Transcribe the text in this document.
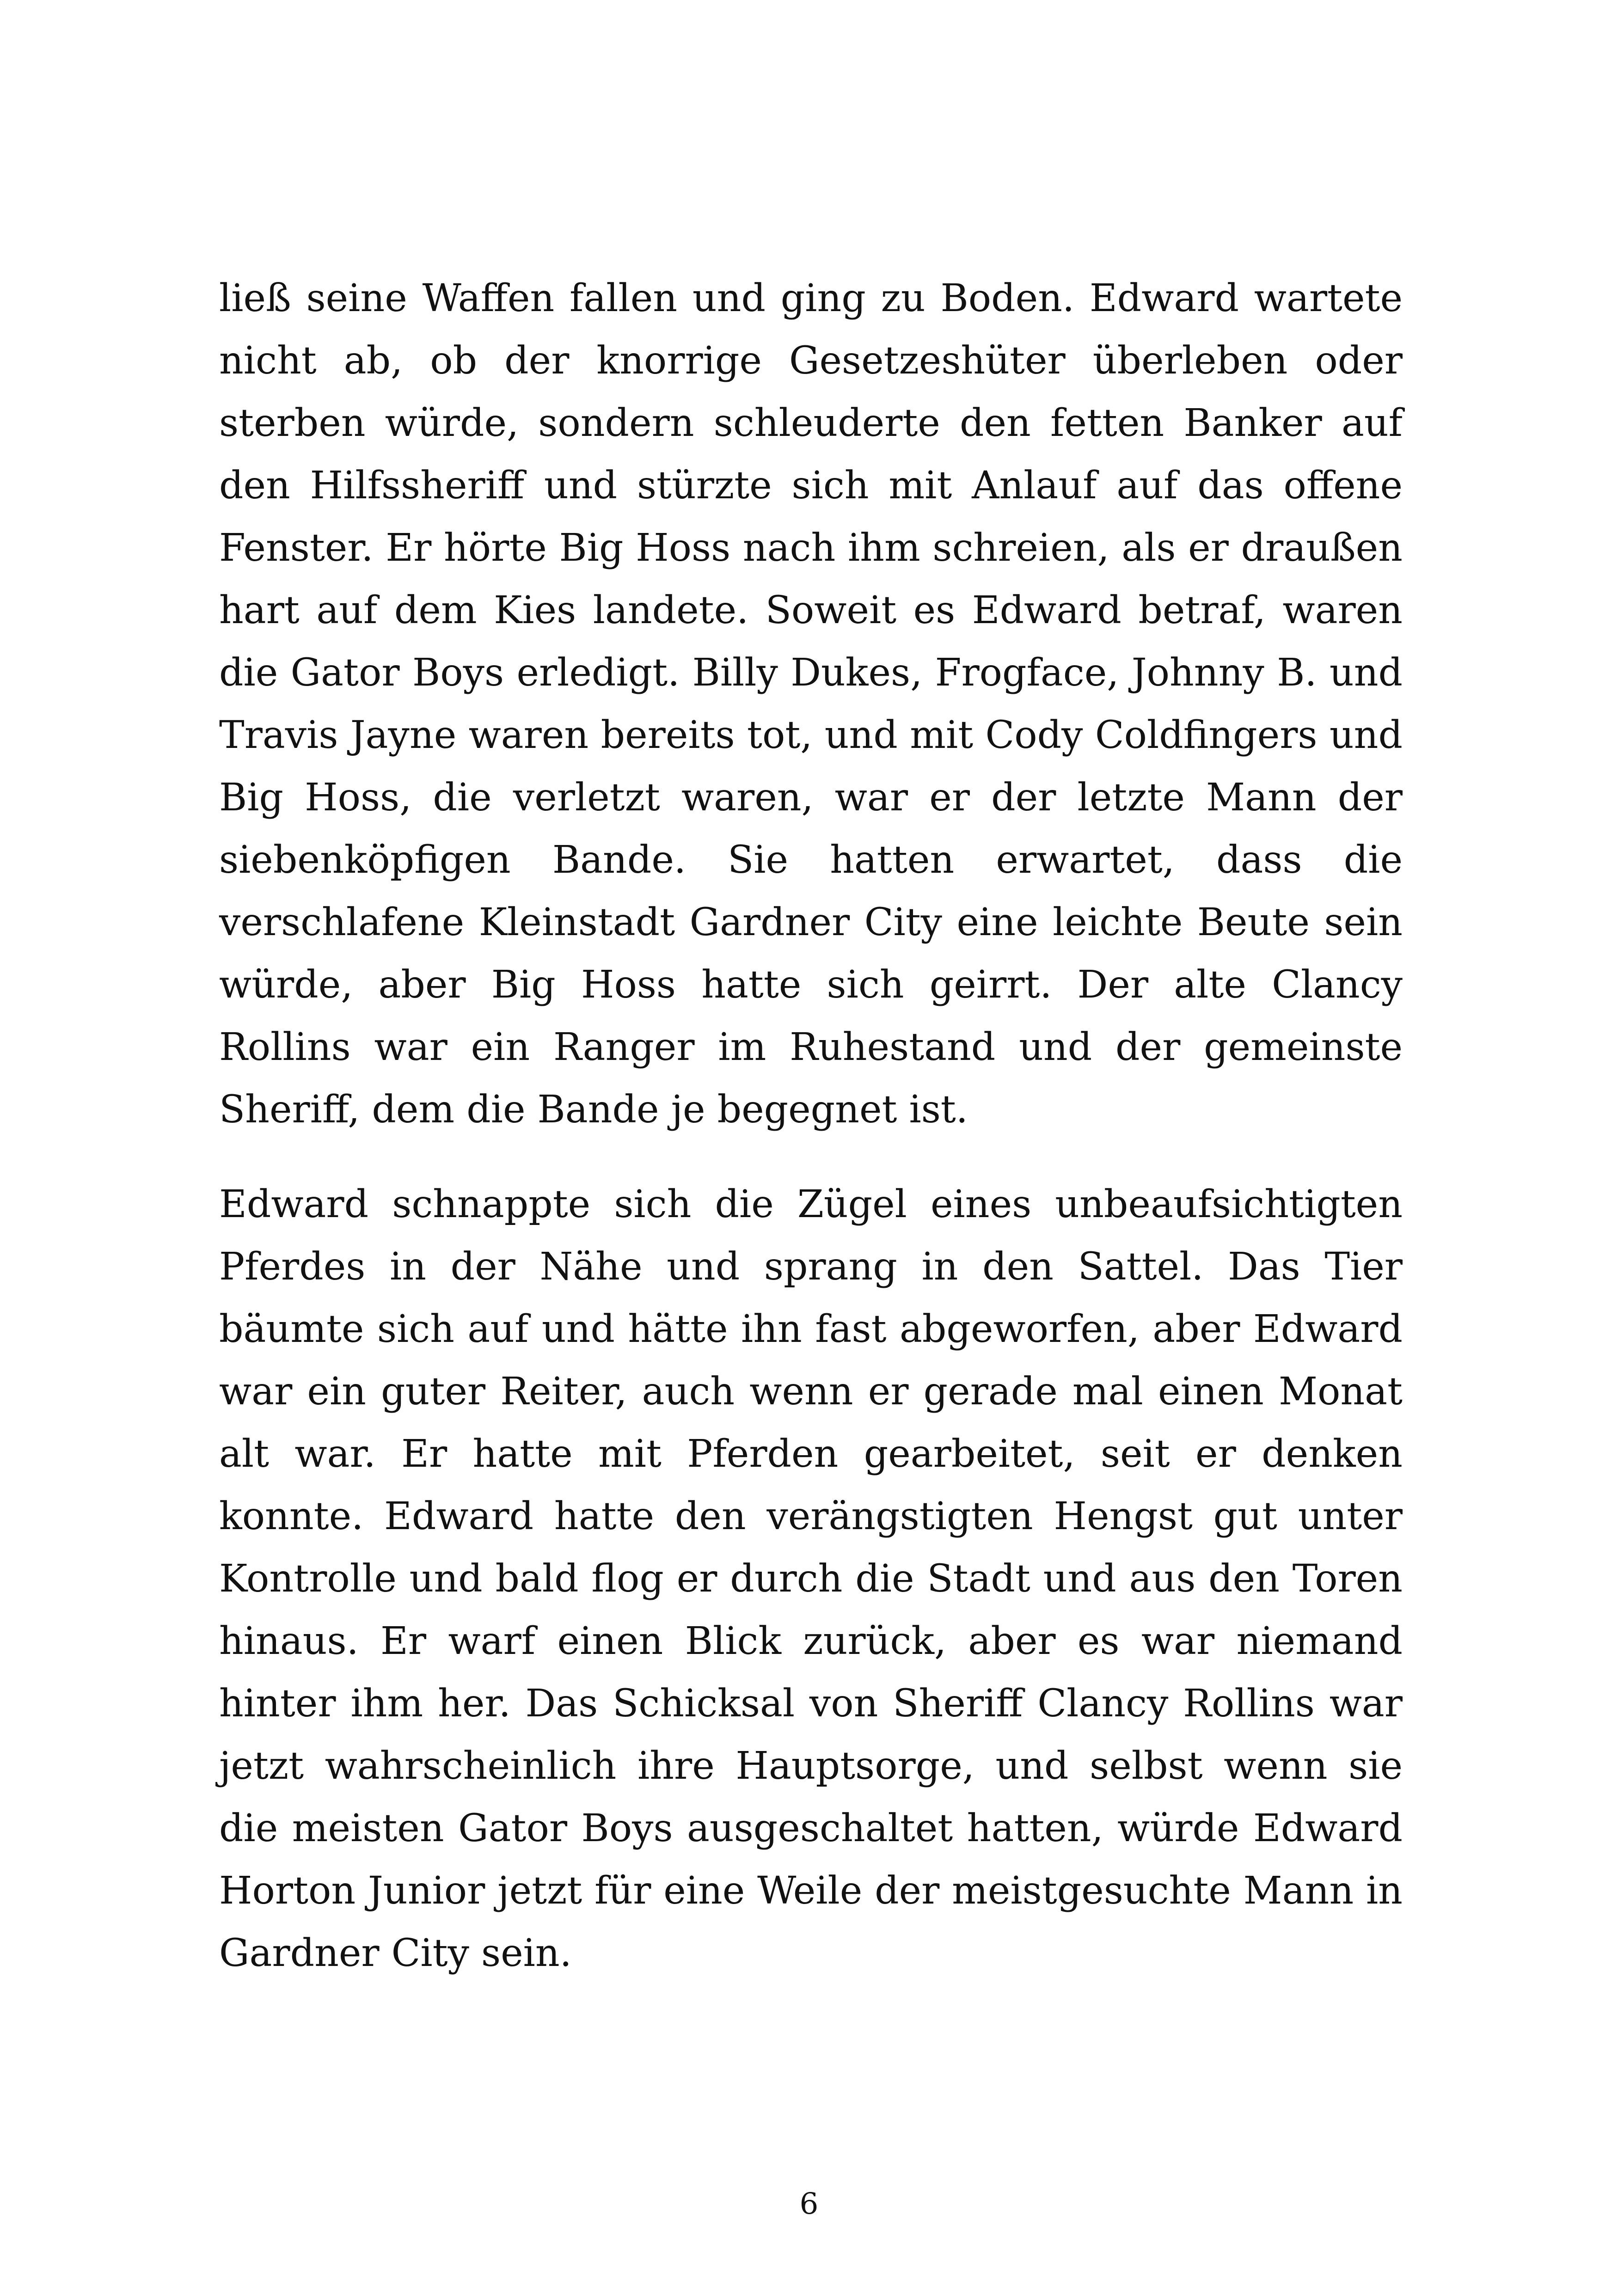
ließ seine Waffen fallen und ging zu Boden. Edward wartete nicht ab, ob der knorrige Gesetzeshüter überleben oder sterben würde, sondern schleuderte den fetten Banker auf den Hilfssheriff und stürzte sich mit Anlauf auf das offene Fenster. Er hörte Big Hoss nach ihm schreien, als er draußen hart auf dem Kies landete. Soweit es Edward betraf, waren die Gator Boys erledigt. Billy Dukes, Frogface, Johnny B. und Travis Jayne waren bereits tot, und mit Cody Coldfingers und Big Hoss, die verletzt waren, war er der letzte Mann der siebenköpfigen Bande. Sie hatten erwartet, dass die verschlafene Kleinstadt Gardner City eine leichte Beute sein würde, aber Big Hoss hatte sich geirrt. Der alte Clancy Rollins war ein Ranger im Ruhestand und der gemeinste Sheriff, dem die Bande je begegnet ist.

Edward schnappte sich die Zügel eines unbeaufsichtigten Pferdes in der Nähe und sprang in den Sattel. Das Tier bäumte sich auf und hätte ihn fast abgeworfen, aber Edward war ein guter Reiter, auch wenn er gerade mal einen Monat alt war. Er hatte mit Pferden gearbeitet, seit er denken konnte. Edward hatte den verängstigten Hengst gut unter Kontrolle und bald flog er durch die Stadt und aus den Toren hinaus. Er warf einen Blick zurück, aber es war niemand hinter ihm her. Das Schicksal von Sheriff Clancy Rollins war jetzt wahrscheinlich ihre Hauptsorge, und selbst wenn sie die meisten Gator Boys ausgeschaltet hatten, würde Edward Horton Junior jetzt für eine Weile der meistgesuchte Mann in Gardner City sein.

6
